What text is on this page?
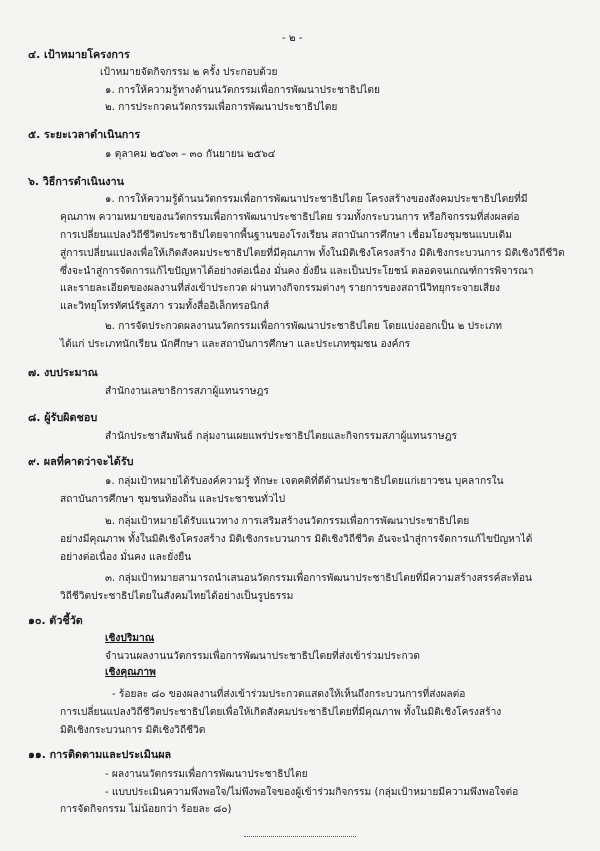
- ๒ -
๔. เป้าหมายโครงการ
เป้าหมายจัดกิจกรรม ๒ ครั้ง ประกอบด้วย
๑. การให้ความรู้ทางด้านนวัตกรรมเพื่อการพัฒนาประชาธิปไตย
๒. การประกวดนวัตกรรมเพื่อการพัฒนาประชาธิปไตย
๕. ระยะเวลาดำเนินการ
๑ ตุลาคม ๒๕๖๓ – ๓๐ กันยายน ๒๕๖๔
๖. วิธีการดำเนินงาน
๑. การให้ความรู้ด้านนวัตกรรมเพื่อการพัฒนาประชาธิปไตย โครงสร้างของสังคมประชาธิปไตยที่มี
คุณภาพ ความหมายของนวัตกรรมเพื่อการพัฒนาประชาธิปไตย รวมทั้งกระบวนการ หรือกิจกรรมที่ส่งผลต่อ
การเปลี่ยนแปลงวิถีชีวิตประชาธิปไตยจากพื้นฐานของโรงเรียน สถาบันการศึกษา เชื่อมโยงชุมชนแบบเดิม
สู่การเปลี่ยนแปลงเพื่อให้เกิดสังคมประชาธิปไตยที่มีคุณภาพ ทั้งในมิติเชิงโครงสร้าง มิติเชิงกระบวนการ มิติเชิงวิถีชีวิต
ซึ่งจะนำสู่การจัดการแก้ไขปัญหาได้อย่างต่อเนื่อง มั่นคง ยั่งยืน และเป็นประโยชน์ ตลอดจนเกณฑ์การพิจารณา
และรายละเอียดของผลงานที่ส่งเข้าประกวด ผ่านทางกิจกรรมต่างๆ รายการของสถานีวิทยุกระจายเสียง
และวิทยุโทรทัศน์รัฐสภา รวมทั้งสื่ออิเล็กทรอนิกส์
๒. การจัดประกวดผลงานนวัตกรรมเพื่อการพัฒนาประชาธิปไตย โดยแบ่งออกเป็น ๒ ประเภท
ได้แก่ ประเภทนักเรียน นักศึกษา และสถาบันการศึกษา และประเภทชุมชน องค์กร
๗. งบประมาณ
สำนักงานเลขาธิการสภาผู้แทนราษฎร
๘. ผู้รับผิดชอบ
สำนักประชาสัมพันธ์ กลุ่มงานเผยแพร่ประชาธิปไตยและกิจกรรมสภาผู้แทนราษฎร
๙. ผลที่คาดว่าจะได้รับ
๑. กลุ่มเป้าหมายได้รับองค์ความรู้ ทักษะ เจตคติที่ดีด้านประชาธิปไตยแก่เยาวชน บุคลากรใน
สถาบันการศึกษา ชุมชนท้องถิ่น และประชาชนทั่วไป
๒. กลุ่มเป้าหมายได้รับแนวทาง การเสริมสร้างนวัตกรรมเพื่อการพัฒนาประชาธิปไตย
อย่างมีคุณภาพ ทั้งในมิติเชิงโครงสร้าง มิติเชิงกระบวนการ มิติเชิงวิถีชีวิต อันจะนำสู่การจัดการแก้ไขปัญหาได้
อย่างต่อเนื่อง มั่นคง และยั่งยืน
๓. กลุ่มเป้าหมายสามารถนำเสนอนวัตกรรมเพื่อการพัฒนาประชาธิปไตยที่มีความสร้างสรรค์สะท้อน
วิถีชีวิตประชาธิปไตยในสังคมไทยได้อย่างเป็นรูปธรรม
๑๐. ตัวชี้วัด
เชิงปริมาณ
จำนวนผลงานนวัตกรรมเพื่อการพัฒนาประชาธิปไตยที่ส่งเข้าร่วมประกวด
เชิงคุณภาพ
- ร้อยละ ๘๐ ของผลงานที่ส่งเข้าร่วมประกวดแสดงให้เห็นถึงกระบวนการที่ส่งผลต่อ
การเปลี่ยนแปลงวิถีชีวิตประชาธิปไตยเพื่อให้เกิดสังคมประชาธิปไตยที่มีคุณภาพ ทั้งในมิติเชิงโครงสร้าง
มิติเชิงกระบวนการ มิติเชิงวิถีชีวิต
๑๑. การติดตามและประเมินผล
- ผลงานนวัตกรรมเพื่อการพัฒนาประชาธิปไตย
- แบบประเมินความพึงพอใจ/ไม่พึงพอใจของผู้เข้าร่วมกิจกรรม (กลุ่มเป้าหมายมีความพึงพอใจต่อ
การจัดกิจกรรม ไม่น้อยกว่า ร้อยละ ๘๐)
